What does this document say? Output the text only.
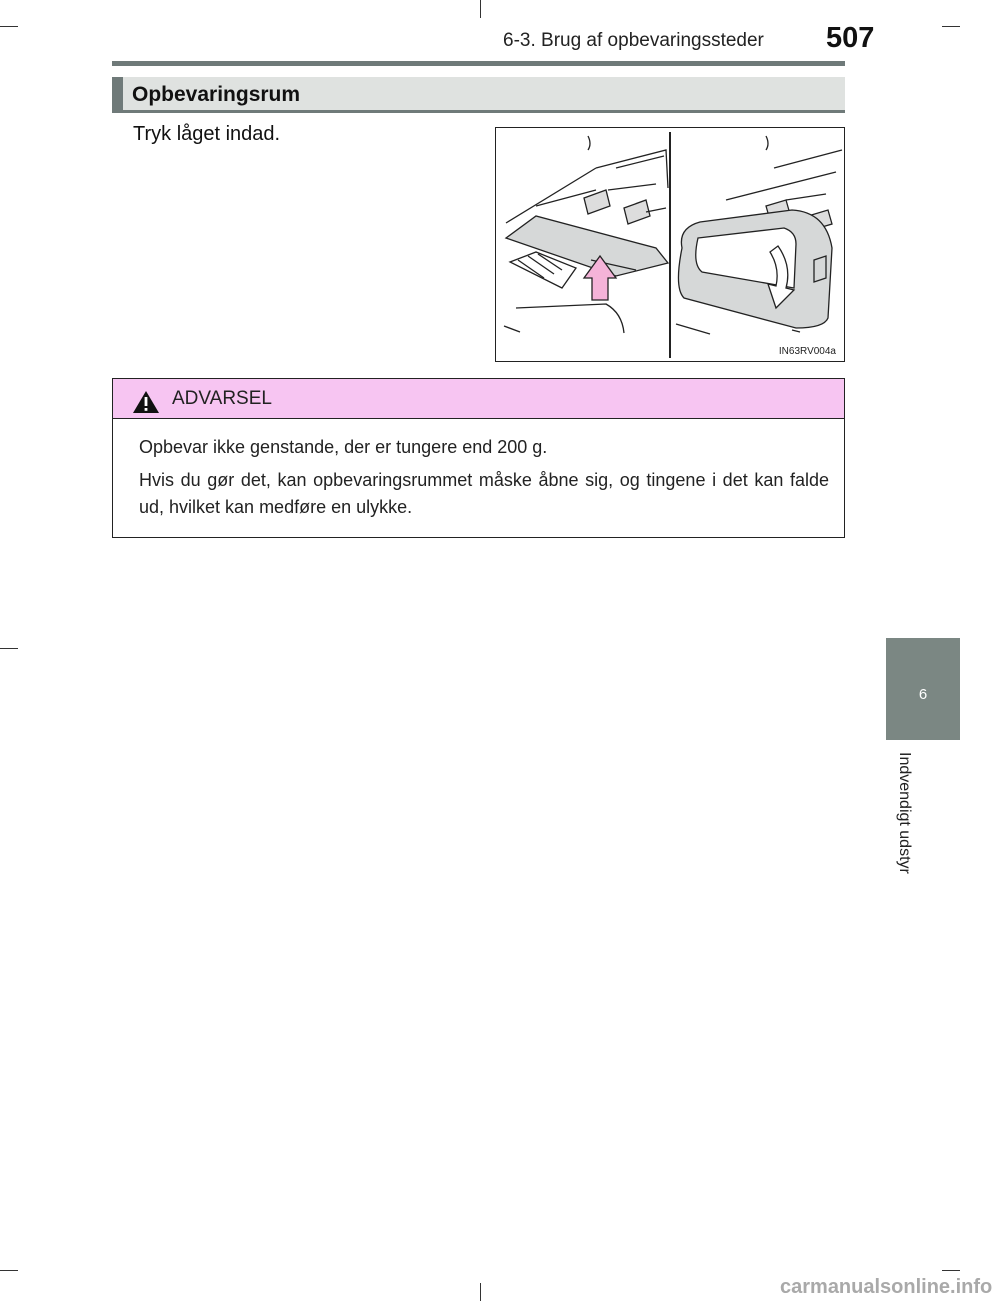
6-3. Brug af opbevaringssteder 507
Opbevaringsrum
Tryk låget indad.
IN63RV004a
ADVARSEL

Opbevar ikke genstande, der er tungere end 200 g.

Hvis du gør det, kan opbevaringsrummet måske åbne sig, og tingene i det kan falde ud, hvilket kan medføre en ulykke.

6
Indvendigt udstyr
carmanualsonline.info
